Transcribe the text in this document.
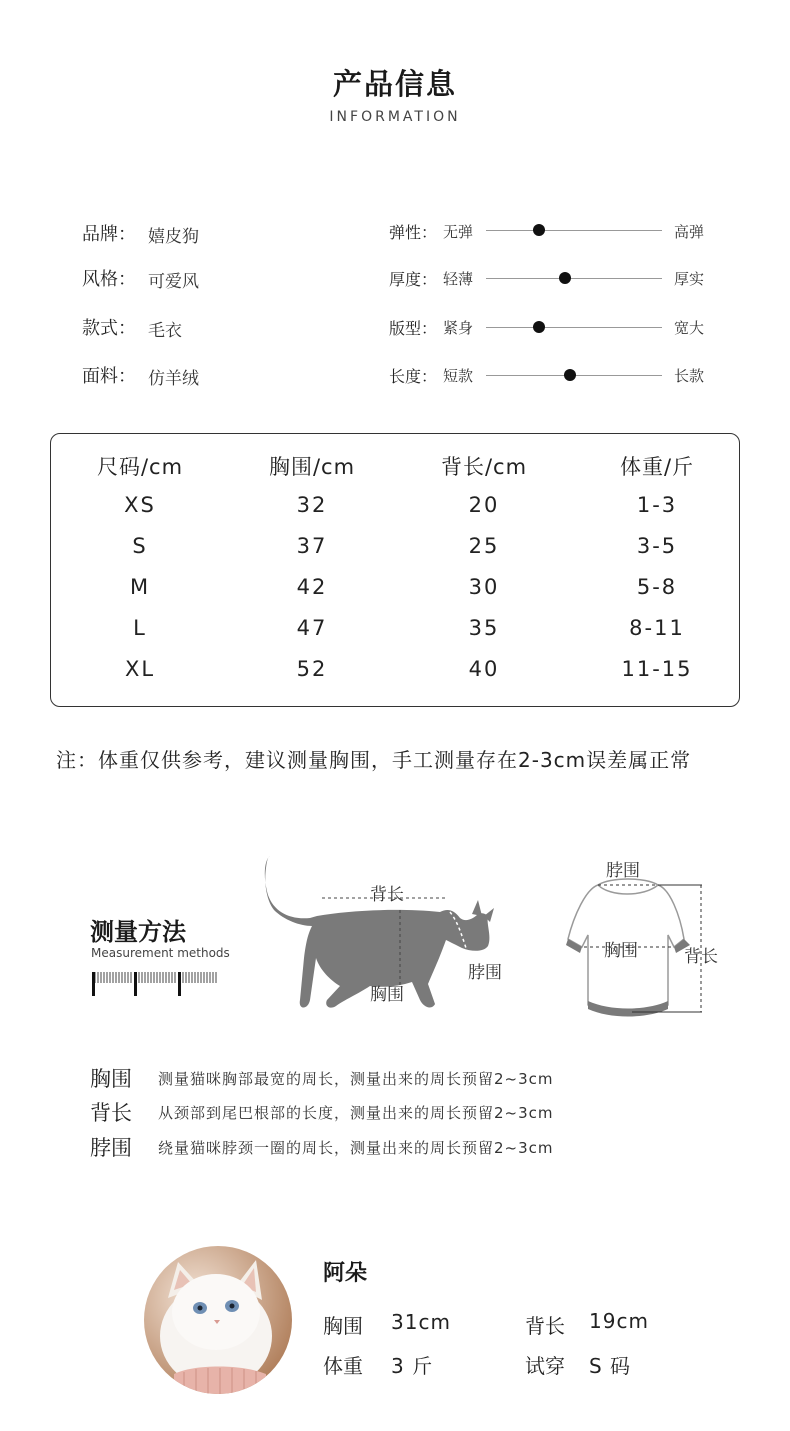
产品信息
INFORMATION
品牌： 嬉皮狗
风格： 可爱风
款式： 毛衣
面料： 仿羊绒
弹性： 无弹	高弹
厚度： 轻薄	厚实
版型： 紧身	宽大
长度： 短款	长款
尺码/cm	胸围/cm	背长/cm	体重/斤
XS	32	20	1-3
S	37	25	3-5
M	42	30	5-8
L	47	35	8-11
XL	52	40	11-15
注：体重仅供参考，建议测量胸围，手工测量存在2-3cm误差属正常
测量方法
Measurement methods
背长
脖围
胸围
脖围
胸围	背长
胸围 测量猫咪胸部最宽的周长，测量出来的周长预留2~3cm
背长 从颈部到尾巴根部的长度，测量出来的周长预留2~3cm
脖围 绕量猫咪脖颈一圈的周长，测量出来的周长预留2~3cm
阿朵
胸围 31cm	背长 19cm
体重 3 斤	试穿 S 码
